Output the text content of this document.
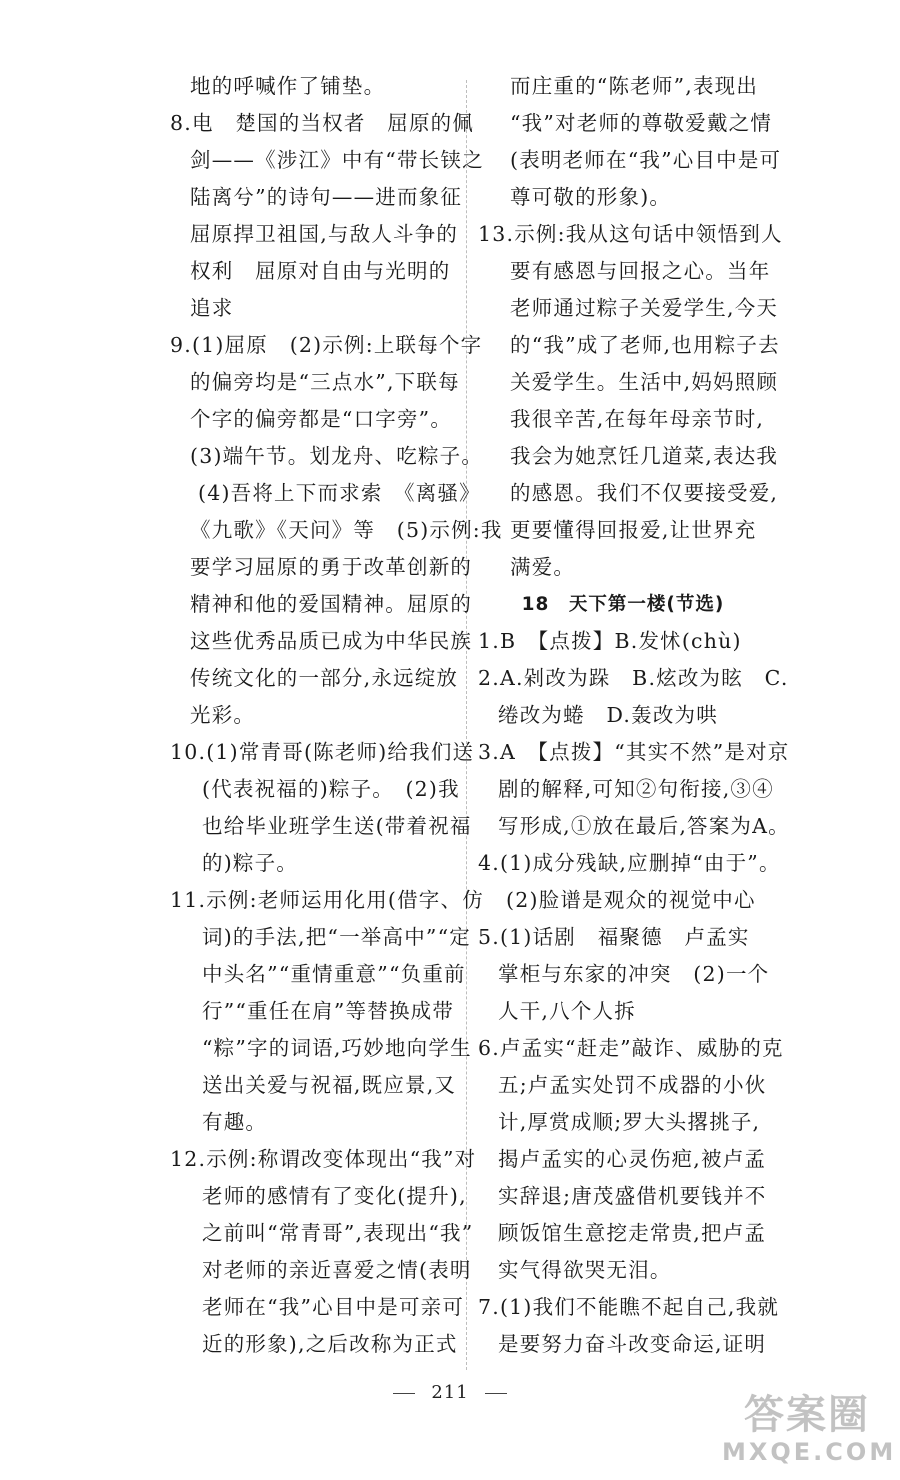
地的呼喊作了铺垫。
8.电　楚国的当权者　屈原的佩
剑——《涉江》中有“带长铗之
陆离兮”的诗句——进而象征
屈原捍卫祖国,与敌人斗争的
权利　屈原对自由与光明的
追求
9.(1)屈原　(2)示例:上联每个字
的偏旁均是“三点水”,下联每
个字的偏旁都是“口字旁”。
(3)端午节。划龙舟、吃粽子。
(4)吾将上下而求索　《离骚》
《九歌》《天问》等　(5)示例:我
要学习屈原的勇于改革创新的
精神和他的爱国精神。屈原的
这些优秀品质已成为中华民族
传统文化的一部分,永远绽放
光彩。
10.(1)常青哥(陈老师)给我们送
(代表祝福的)粽子。　(2)我
也给毕业班学生送(带着祝福
的)粽子。
11.示例:老师运用化用(借字、仿
词)的手法,把“一举高中”“定
中头名”“重情重意”“负重前
行”“重任在肩”等替换成带
“粽”字的词语,巧妙地向学生
送出关爱与祝福,既应景,又
有趣。
12.示例:称谓改变体现出“我”对
老师的感情有了变化(提升),
之前叫“常青哥”,表现出“我”
对老师的亲近喜爱之情(表明
老师在“我”心目中是可亲可
近的形象),之后改称为正式
而庄重的“陈老师”,表现出
“我”对老师的尊敬爱戴之情
(表明老师在“我”心目中是可
尊可敬的形象)。
13.示例:我从这句话中领悟到人
要有感恩与回报之心。当年
老师通过粽子关爱学生,今天
的“我”成了老师,也用粽子去
关爱学生。生活中,妈妈照顾
我很辛苦,在每年母亲节时,
我会为她烹饪几道菜,表达我
的感恩。我们不仅要接受爱,
更要懂得回报爱,让世界充
满爱。
18　天下第一楼(节选)
1.B　【点拨】B.发怵(chù)
2.A.剁改为跺　B.炫改为眩　C.
绻改为蜷　D.轰改为哄
3.A　【点拨】“其实不然”是对京
剧的解释,可知②句衔接,③④
写形成,①放在最后,答案为A。
4.(1)成分残缺,应删掉“由于”。
(2)脸谱是观众的视觉中心
5.(1)话剧　福聚德　卢孟实
掌柜与东家的冲突　(2)一个
人干,八个人拆
6.卢孟实“赶走”敲诈、威胁的克
五;卢孟实处罚不成器的小伙
计,厚赏成顺;罗大头撂挑子,
揭卢孟实的心灵伤疤,被卢孟
实辞退;唐茂盛借机要钱并不
顾饭馆生意挖走常贵,把卢孟
实气得欲哭无泪。
7.(1)我们不能瞧不起自己,我就
是要努力奋斗改变命运,证明
211	答案圈
MXQE.COM
